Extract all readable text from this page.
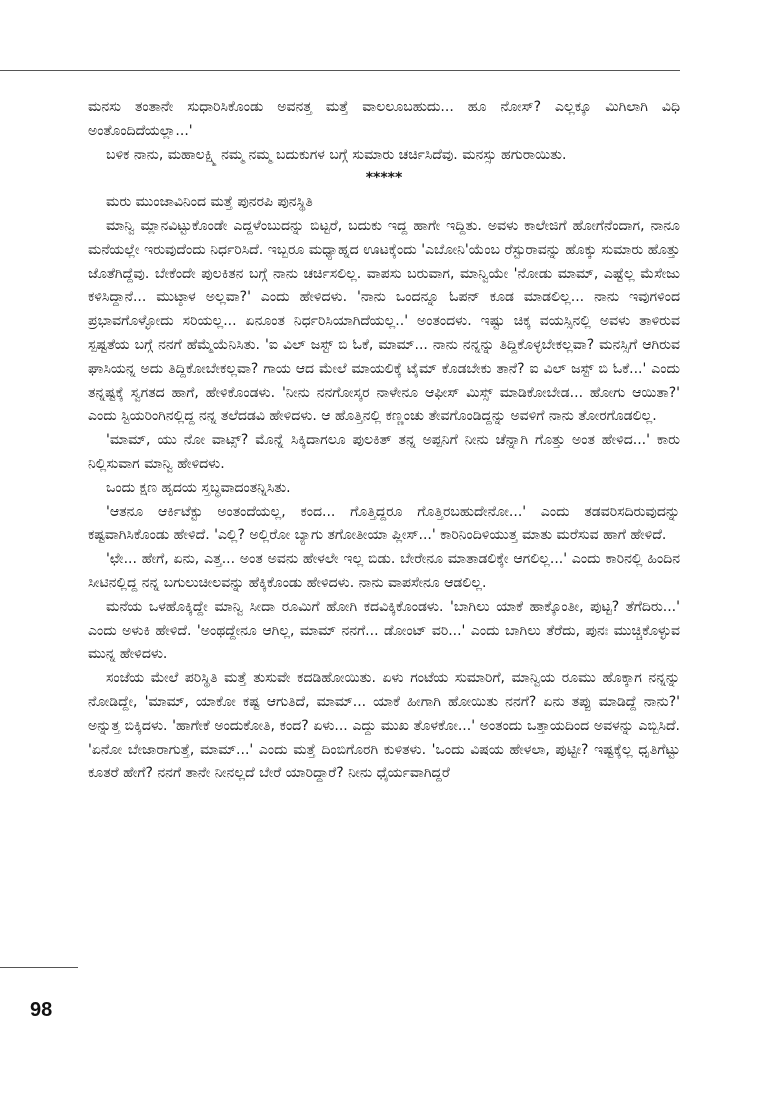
ಮನಸು ತಂತಾನೇ ಸುಧಾರಿಸಿಕೊಂಡು ಅವನತ್ತ ಮತ್ತೆ ವಾಲಲೂಬಹುದು... ಹೂ ನೋಸ್? ಎಲ್ಲಕ್ಕೂ ಮಿಗಿಲಾಗಿ ವಿಧಿ ಅಂತೊಂದಿದೆಯಲ್ಲಾ...'

ಬಳಿಕ ನಾನು, ಮಹಾಲಕ್ಷ್ಮಿ ನಮ್ಮ ನಮ್ಮ ಬದುಕುಗಳ ಬಗ್ಗೆ ಸುಮಾರು ಚರ್ಚಿಸಿದೆವು. ಮನಸ್ಸು ಹಗುರಾಯಿತು.

*****

ಮರು ಮುಂಜಾವಿನಿಂದ ಮತ್ತೆ ಪುನರಪಿ ಪುನಸ್ಥಿತಿ

ಮಾನ್ವಿ ಮ್ಲಾನವಿಟ್ಟುಕೊಂಡೇ ಎದ್ದಳೆಂಬುದನ್ನು ಬಿಟ್ಟರೆ, ಬದುಕು ಇದ್ದ ಹಾಗೇ ಇದ್ದಿತು. ಅವಳು ಕಾಲೇಜಿಗೆ ಹೋಗೆನೆಂದಾಗ, ನಾನೂ ಮನೆಯಲ್ಲೇ ಇರುವುದೆಂದು ನಿರ್ಧರಿಸಿದೆ. ಇಬ್ಬರೂ ಮಧ್ಯಾಹ್ನದ ಊಟಕ್ಕೆಂದು 'ಎಬೋನಿ'ಯೆಂಬ ರೆಸ್ಟುರಾವನ್ನು ಹೊಕ್ಕು ಸುಮಾರು ಹೊತ್ತು ಜೊತೆಗಿದ್ದೆವು. ಬೇಕೆಂದೇ ಪುಲಕಿತನ ಬಗ್ಗೆ ನಾನು ಚರ್ಚಿಸಲಿಲ್ಲ. ವಾಪಸು ಬರುವಾಗ, ಮಾನ್ವಿಯೇ 'ನೋಡು ಮಾಮ್, ಎಷ್ಟೆಲ್ಲ ಮೆಸೇಜು ಕಳಿಸಿದ್ದಾನೆ... ಮುಟ್ಠಾಳ ಅಲ್ಲವಾ?' ಎಂದು ಹೇಳಿದಳು. 'ನಾನು ಒಂದನ್ನೂ ಓಪನ್ ಕೂಡ ಮಾಡಲಿಲ್ಲ... ನಾನು ಇವುಗಳಿಂದ ಪ್ರಭಾವಗೊಳ್ಳೋದು ಸರಿಯಲ್ಲ... ಏನೂಂತ ನಿರ್ಧರಿಸಿಯಾಗಿದೆಯಲ್ಲ..' ಅಂತಂದಳು. ಇಷ್ಟು ಚಿಕ್ಕ ವಯಸ್ಸಿನಲ್ಲಿ ಅವಳು ತಾಳಿರುವ ಸ್ಪಷ್ಟತೆಯ ಬಗ್ಗೆ ನನಗೆ ಹೆಮ್ಮೆಯೆನಿಸಿತು. 'ಐ ವಿಲ್ ಜಸ್ಟ್ ಬಿ ಓಕೆ, ಮಾಮ್... ನಾನು ನನ್ನನ್ನು ತಿದ್ದಿಕೊಳ್ಳಬೇಕಲ್ಲವಾ? ಮನಸ್ಸಿಗೆ ಆಗಿರುವ ಘಾಸಿಯನ್ನ ಅದು ತಿದ್ದಿಕೋಬೇಕಲ್ಲವಾ? ಗಾಯ ಆದ ಮೇಲೆ ಮಾಯಲಿಕ್ಕೆ ಟೈಮ್ ಕೊಡಬೇಕು ತಾನೆ? ಐ ವಿಲ್ ಜಸ್ಟ್ ಬಿ ಓಕೆ...' ಎಂದು ತನ್ನಷ್ಟಕ್ಕೆ ಸ್ವಗತದ ಹಾಗೆ, ಹೇಳಿಕೊಂಡಳು. 'ನೀನು ನನಗೋಸ್ಕರ ನಾಳೇನೂ ಆಫೀಸ್ ಮಿಸ್ಸ್ ಮಾಡಿಕೋಬೇಡ... ಹೋಗು ಆಯಿತಾ?' ಎಂದು ಸ್ಟಿಯರಿಂಗಿನಲ್ಲಿದ್ದ ನನ್ನ ತಲೆದಡವಿ ಹೇಳಿದಳು. ಆ ಹೊತ್ತಿನಲ್ಲಿ ಕಣ್ಣಂಚು ತೇವಗೊಂಡಿದ್ದನ್ನು ಅವಳಿಗೆ ನಾನು ತೋರಗೊಡಲಿಲ್ಲ.

'ಮಾಮ್, ಯು ನೋ ವಾಟ್ಸ್? ಮೊನ್ನೆ ಸಿಕ್ಕಿದಾಗಲೂ ಪುಲಕಿತ್ ತನ್ನ ಅಪ್ಪನಿಗೆ ನೀನು ಚೆನ್ನಾಗಿ ಗೊತ್ತು ಅಂತ ಹೇಳಿದ...' ಕಾರು ನಿಲ್ಲಿಸುವಾಗ ಮಾನ್ವಿ ಹೇಳಿದಳು.

ಒಂದು ಕ್ಷಣ ಹೃದಯ ಸ್ತಬ್ಧವಾದಂತನ್ನಿಸಿತು.

'ಆತನೂ ಆರ್ಕಿಟೆಕ್ಟು ಅಂತಂದೆಯಲ್ಲ, ಕಂದ... ಗೊತ್ತಿದ್ದರೂ ಗೊತ್ತಿರಬಹುದೇನೋ...' ಎಂದು ತಡವರಿಸದಿರುವುದನ್ನು ಕಷ್ಟವಾಗಿಸಿಕೊಂಡು ಹೇಳಿದೆ. 'ಎಲ್ಲಿ? ಅಲ್ಲಿರೋ ಬ್ಯಾಗು ತಗೋತೀಯಾ ಪ್ಲೀಸ್...' ಕಾರಿನಿಂದಿಳಿಯುತ್ತ ಮಾತು ಮರೆಸುವ ಹಾಗೆ ಹೇಳಿದೆ.

'ಛೇ... ಹೇಗೆ, ಏನು, ಎತ್ತ... ಅಂತ ಅವನು ಹೇಳಲೇ ಇಲ್ಲ ಬಿಡು. ಬೇರೇನೂ ಮಾತಾಡಲಿಕ್ಕೇ ಆಗಲಿಲ್ಲ...' ಎಂದು ಕಾರಿನಲ್ಲಿ ಹಿಂದಿನ ಸೀಟಿನಲ್ಲಿದ್ದ ನನ್ನ ಬಗುಲುಚೀಲವನ್ನು ಹೆಕ್ಕಿಕೊಂಡು ಹೇಳಿದಳು. ನಾನು ವಾಪಸೇನೂ ಆಡಲಿಲ್ಲ.

ಮನೆಯ ಒಳಹೊಕ್ಕಿದ್ದೇ ಮಾನ್ವಿ ಸೀದಾ ರೂಮಿಗೆ ಹೋಗಿ ಕದವಿಕ್ಕಿಕೊಂಡಳು. 'ಬಾಗಿಲು ಯಾಕೆ ಹಾಕ್ಕೊಂತೀ, ಪುಟ್ಟ? ತೆಗೆದಿರು...' ಎಂದು ಅಳುಕಿ ಹೇಳಿದೆ. 'ಅಂಥದ್ದೇನೂ ಆಗಿಲ್ಲ, ಮಾಮ್ ನನಗೆ... ಡೋಂಟ್ ವರಿ...' ಎಂದು ಬಾಗಿಲು ತೆರೆದು, ಪುನಃ ಮುಚ್ಚಿಕೊಳ್ಳುವ ಮುನ್ನ ಹೇಳಿದಳು.

ಸಂಜೆಯ ಮೇಲೆ ಪರಿಸ್ಥಿತಿ ಮತ್ತೆ ತುಸುವೇ ಕದಡಿಹೋಯಿತು. ಏಳು ಗಂಟೆಯ ಸುಮಾರಿಗೆ, ಮಾನ್ವಿಯ ರೂಮು ಹೊಕ್ಕಾಗ ನನ್ನನ್ನು ನೋಡಿದ್ದೇ, 'ಮಾಮ್, ಯಾಕೋ ಕಷ್ಟ ಆಗುತಿದೆ, ಮಾಮ್... ಯಾಕೆ ಹೀಗಾಗಿ ಹೋಯಿತು ನನಗೆ? ಏನು ತಪ್ಪು ಮಾಡಿದ್ದೆ ನಾನು?' ಅನ್ನುತ್ತ ಬಿಕ್ಕಿದಳು. 'ಹಾಗೇಕೆ ಅಂದುಕೋತಿ, ಕಂದ? ಏಳು... ಎದ್ದು ಮುಖ ತೊಳಕೋ...' ಅಂತಂದು ಒತ್ತಾಯದಿಂದ ಅವಳನ್ನು ಎಬ್ಬಿಸಿದೆ. 'ಏನೋ ಬೇಜಾರಾಗುತ್ತೆ, ಮಾಮ್...' ಎಂದು ಮತ್ತೆ ದಿಂಬಿಗೊರಗಿ ಕುಳಿತಳು. 'ಒಂದು ವಿಷಯ ಹೇಳಲಾ, ಪುಟ್ಟೀ? ಇಷ್ಟಕ್ಕೆಲ್ಲ ಧೃತಿಗೆಟ್ಟು ಕೂತರೆ ಹೇಗೆ? ನನಗೆ ತಾನೇ ನೀನಲ್ಲದೆ ಬೇರೆ ಯಾರಿದ್ದಾರೆ? ನೀನು ಧೈರ್ಯವಾಗಿದ್ದರೆ

98
